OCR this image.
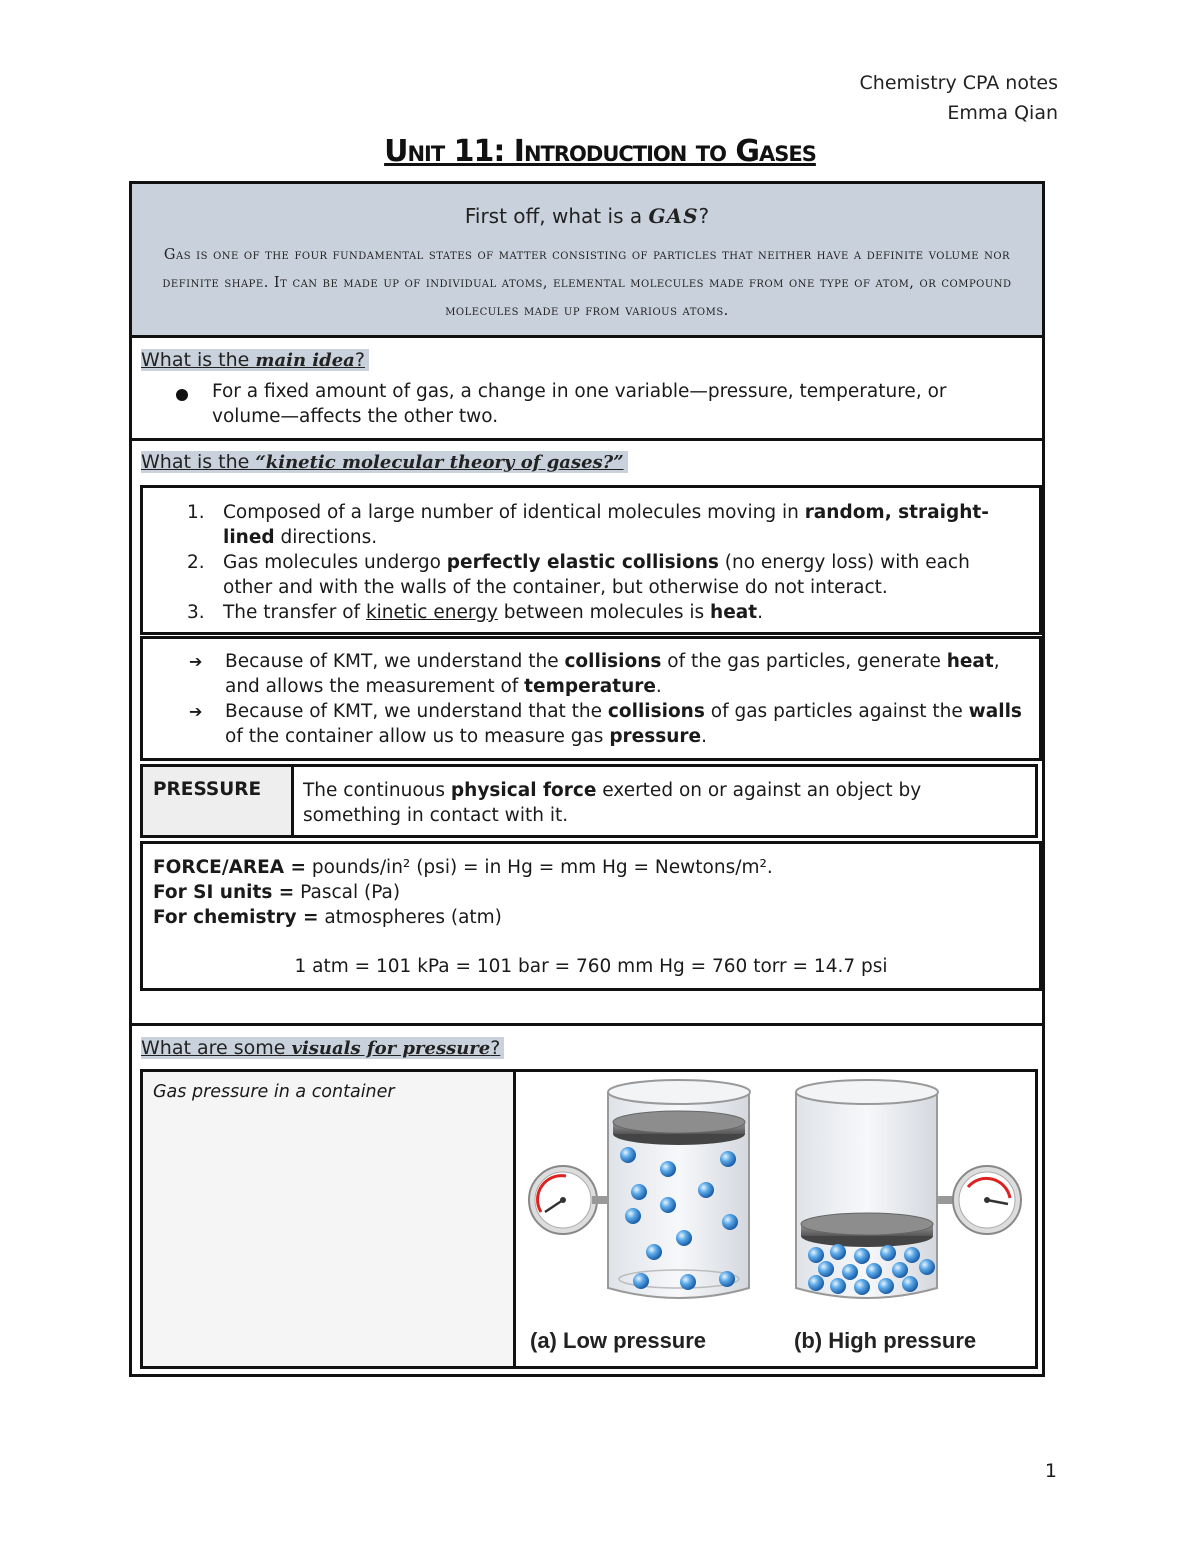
Chemistry CPA notes
Emma Qian
Unit 11: Introduction to Gases
First off, what is a GAS?
Gas is one of the four fundamental states of matter consisting of particles that neither have a definite volume nor definite shape. It can be made up of individual atoms, elemental molecules made from one type of atom, or compound molecules made up from various atoms.
What is the main idea?
For a fixed amount of gas, a change in one variable—pressure, temperature, or volume—affects the other two.
What is the “kinetic molecular theory of gases?”
1. Composed of a large number of identical molecules moving in random, straight-lined directions.
2. Gas molecules undergo perfectly elastic collisions (no energy loss) with each other and with the walls of the container, but otherwise do not interact.
3. The transfer of kinetic energy between molecules is heat.
➔ Because of KMT, we understand the collisions of the gas particles, generate heat, and allows the measurement of temperature.
➔ Because of KMT, we understand that the collisions of gas particles against the walls of the container allow us to measure gas pressure.
PRESSURE	The continuous physical force exerted on or against an object by something in contact with it.
FORCE/AREA = pounds/in² (psi) = in Hg = mm Hg = Newtons/m².
For SI units = Pascal (Pa)
For chemistry = atmospheres (atm)
1 atm = 101 kPa = 101 bar = 760 mm Hg = 760 torr = 14.7 psi
What are some visuals for pressure?
Gas pressure in a container
(a) Low pressure	(b) High pressure
1
